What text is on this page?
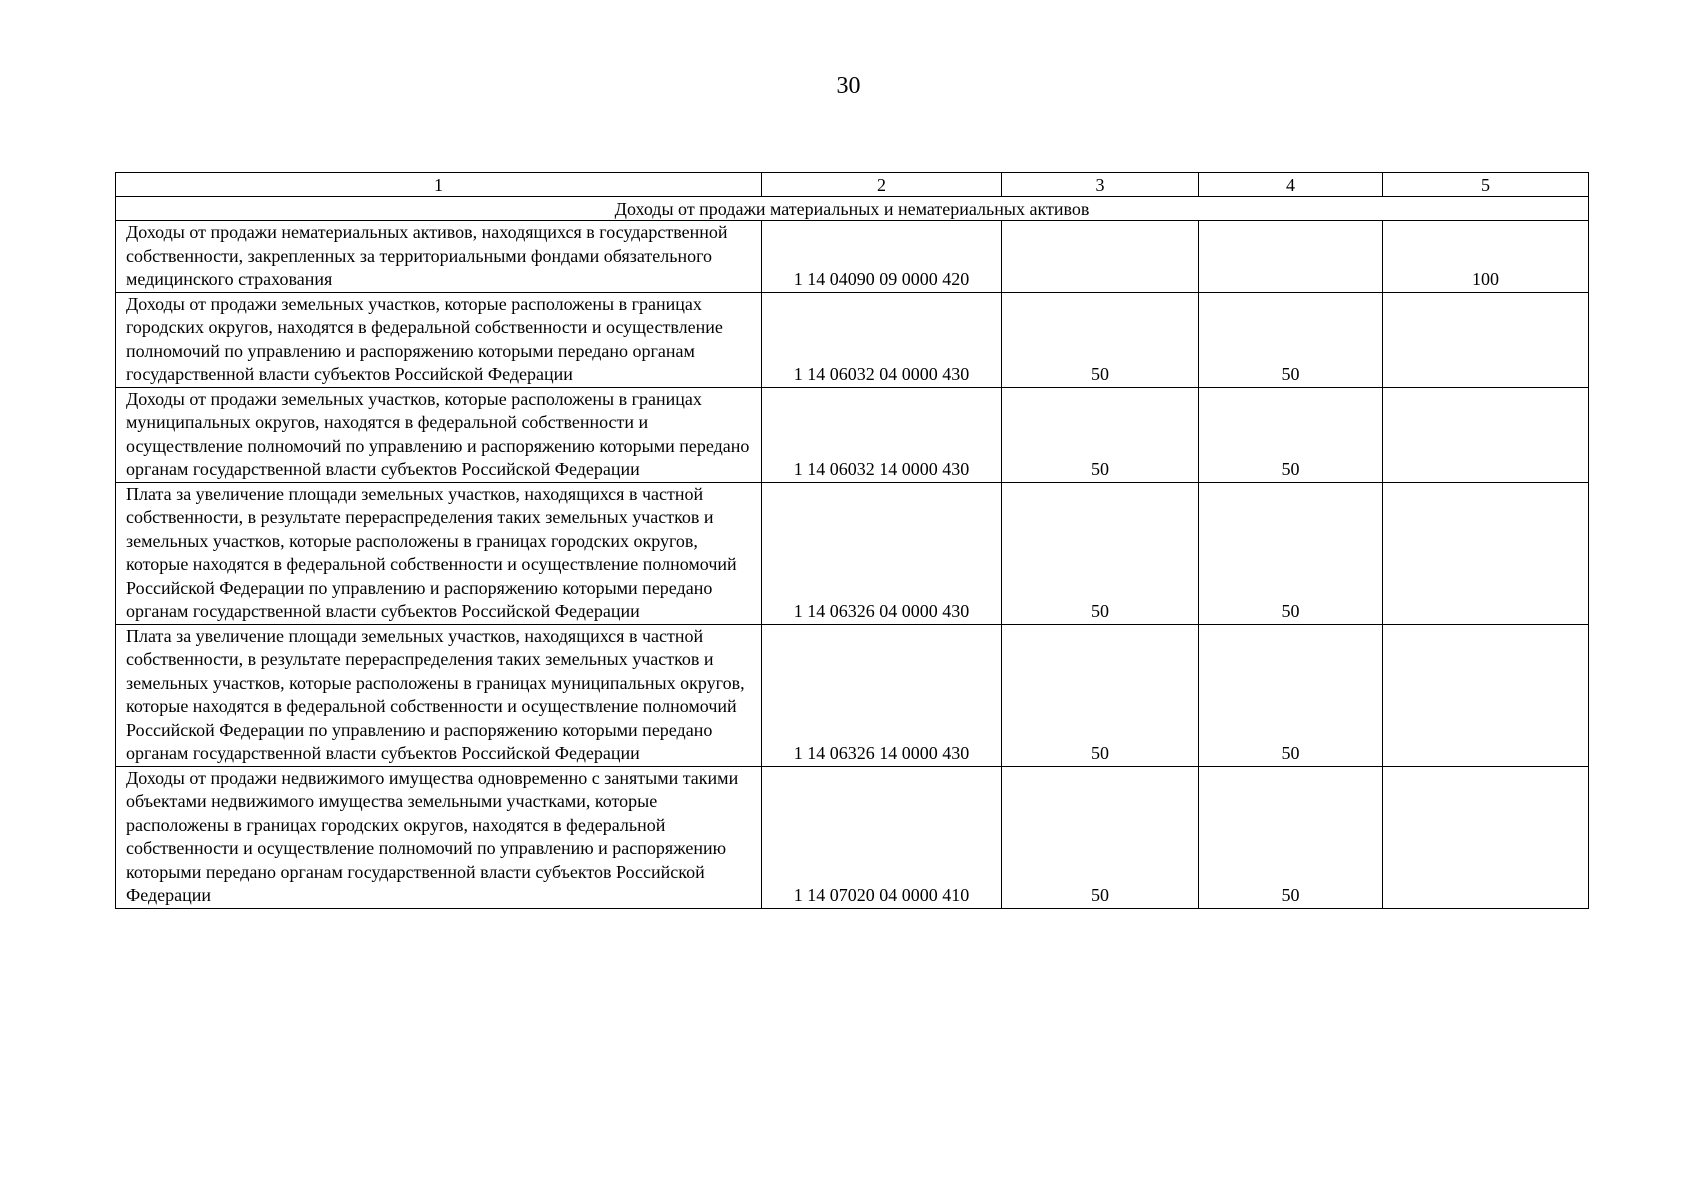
30
1	2	3	4	5
Доходы от продажи материальных и нематериальных активов				
Доходы от продажи нематериальных активов, находящихся в государственной собственности, закрепленных за территориальными фондами обязательного медицинского страхования	1 14 04090 09 0000 420			100
Доходы от продажи земельных участков, которые расположены в границах городских округов, находятся в федеральной собственности и осуществление полномочий по управлению и распоряжению которыми передано органам государственной власти субъектов Российской Федерации	1 14 06032 04 0000 430	50	50	
Доходы от продажи земельных участков, которые расположены в границах муниципальных округов, находятся в федеральной собственности и осуществление полномочий по управлению и распоряжению которыми передано органам государственной власти субъектов Российской Федерации	1 14 06032 14 0000 430	50	50	
Плата за увеличение площади земельных участков, находящихся в частной собственности, в результате перераспределения таких земельных участков и земельных участков, которые расположены в границах городских округов, которые находятся в федеральной собственности и осуществление полномочий Российской Федерации по управлению и распоряжению которыми передано органам государственной власти субъектов Российской Федерации	1 14 06326 04 0000 430	50	50	
Плата за увеличение площади земельных участков, находящихся в частной собственности, в результате перераспределения таких земельных участков и земельных участков, которые расположены в границах муниципальных округов, которые находятся в федеральной собственности и осуществление полномочий Российской Федерации по управлению и распоряжению которыми передано органам государственной власти субъектов Российской Федерации	1 14 06326 14 0000 430	50	50	
Доходы от продажи недвижимого имущества одновременно с занятыми такими объектами недвижимого имущества земельными участками, которые расположены в границах городских округов, находятся в федеральной собственности и осуществление полномочий по управлению и распоряжению которыми передано органам государственной власти субъектов Российской Федерации	1 14 07020 04 0000 410	50	50	
